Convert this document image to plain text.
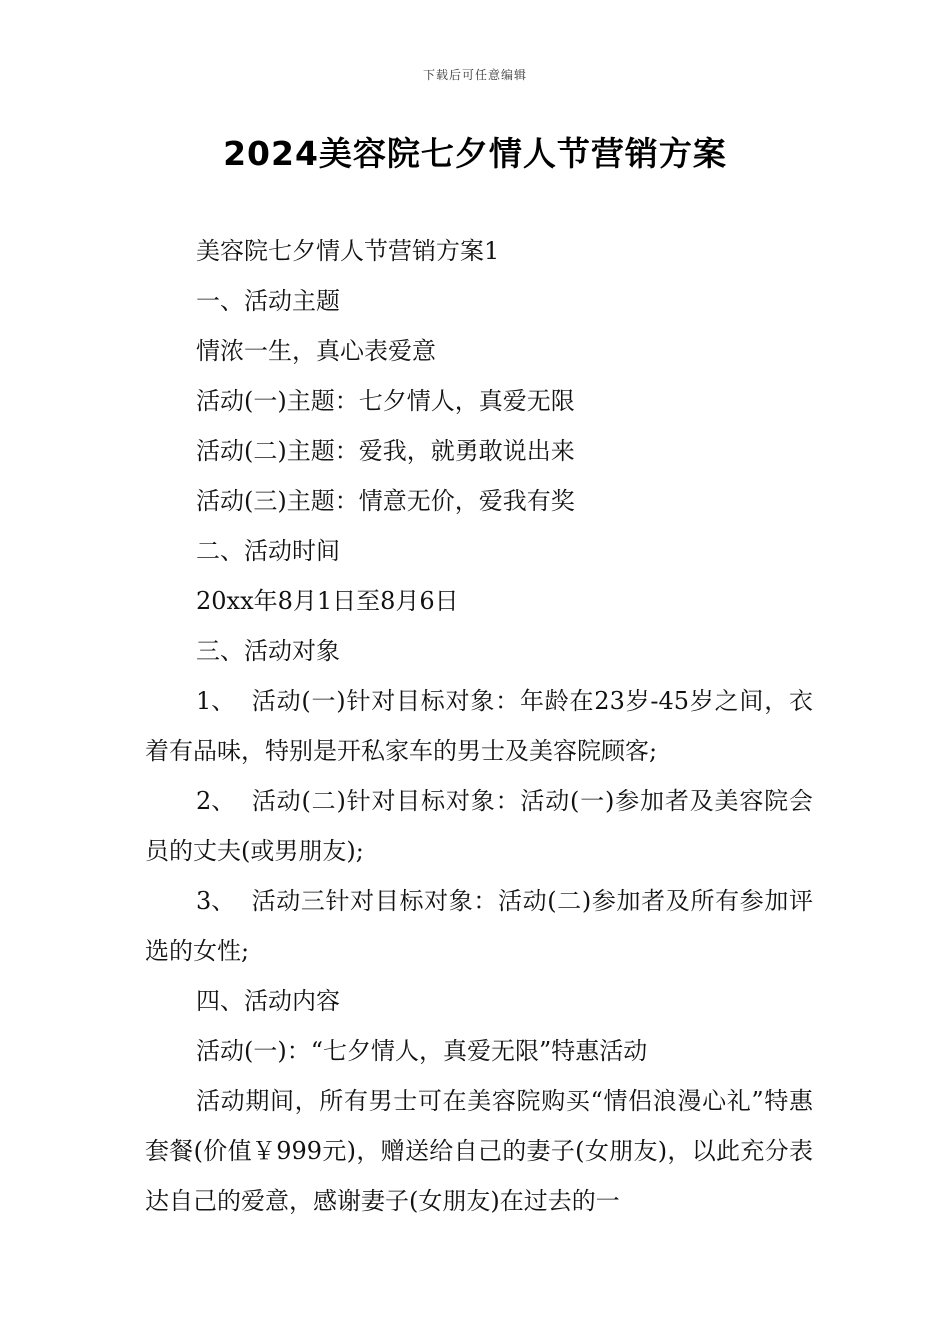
下载后可任意编辑
2024美容院七夕情人节营销方案

美容院七夕情人节营销方案1

一、活动主题

情浓一生，真心表爱意

活动(一)主题：七夕情人，真爱无限

活动(二)主题：爱我，就勇敢说出来

活动(三)主题：情意无价，爱我有奖

二、活动时间

20xx年8月1日至8月6日

三、活动对象

1、 活动(一)针对目标对象：年龄在23岁-45岁之间，衣着有品味，特别是开私家车的男士及美容院顾客;

2、 活动(二)针对目标对象：活动(一)参加者及美容院会员的丈夫(或男朋友);

3、 活动三针对目标对象：活动(二)参加者及所有参加评选的女性;

四、活动内容

活动(一)：“七夕情人，真爱无限”特惠活动

活动期间，所有男士可在美容院购买“情侣浪漫心礼”特惠套餐(价值￥999元)，赠送给自己的妻子(女朋友)，以此充分表达自己的爱意，感谢妻子(女朋友)在过去的一
